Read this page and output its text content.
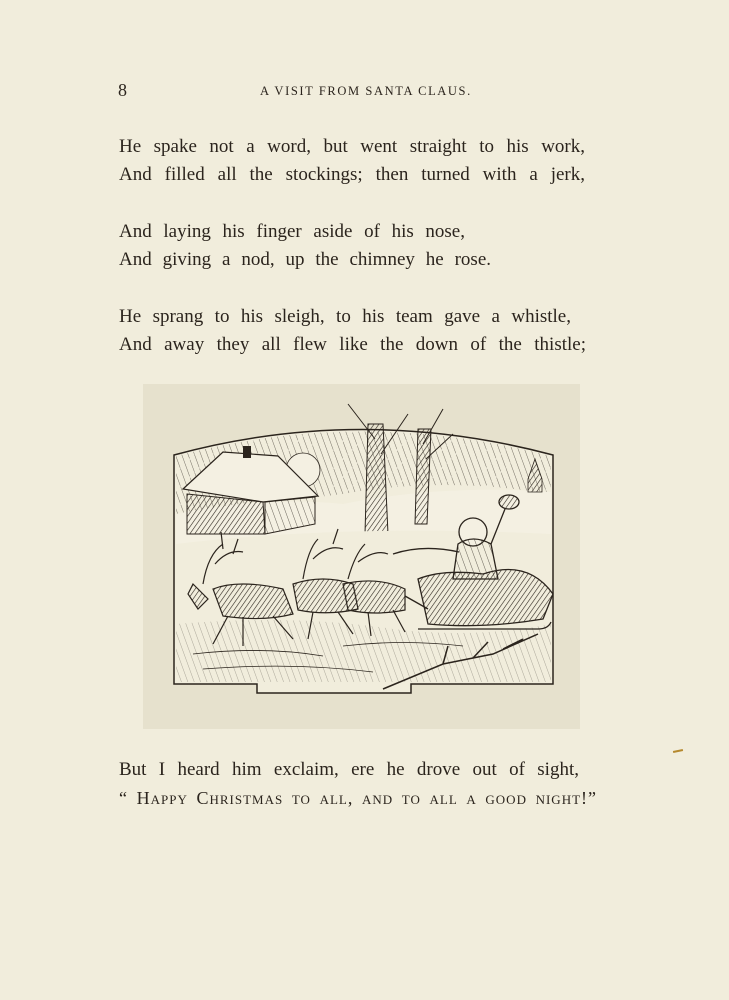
8	A VISIT FROM SANTA CLAUS.
He spake not a word, but went straight to his work,
And filled all the stockings; then turned with a jerk,
And laying his finger aside of his nose,
And giving a nod, up the chimney he rose.
He sprang to his sleigh, to his team gave a whistle,
And away they all flew like the down of the thistle;
But I heard him exclaim, ere he drove out of sight,
“ Happy Christmas to all, and to all a good night!”
